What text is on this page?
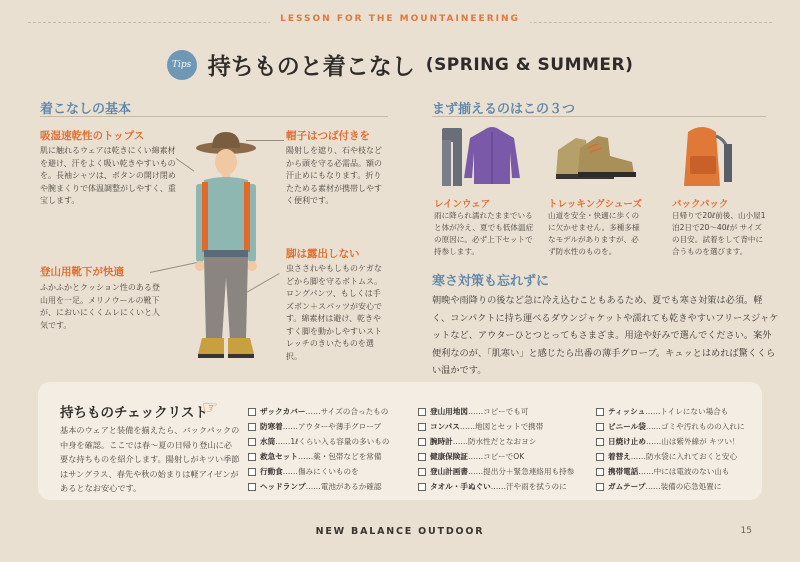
LESSON FOR THE MOUNTAINEERING
Tips 持ちものと着こなし (SPRING & SUMMER)
着こなしの基本
吸湿速乾性のトップス
肌に触れるウェアは乾きにくい綿素材を避け、汗をよく吸い乾きやすいものを。長袖シャツは、ボタンの開け閉めや腕まくりで体温調整がしやすく、重宝します。
登山用靴下が快適
ふかふかとクッション性のある登山用を一足。メリノウールの靴下が、においにくくムレにくいと人気です。
帽子はつば付きを
陽射しを遮り、石や枝などから頭を守る必需品。額の汗止めにもなります。折りたためる素材が携帯しやすく便利です。
脚は露出しない
虫さされやもしものケガなどから脚を守るボトムス。ロングパンツ、もしくは手ズボン＋スパッツが安心です。綿素材は避け、乾きやすく脚を動かしやすいストレッチのきいたものを選択。
まず揃えるのはこの３つ
レインウェア
雨に降られ濡れたままでいると体が冷え、夏でも低体温症の原因に。必ず上下セットで持参します。
トレッキングシューズ
山道を安全・快適に歩くのに欠かせません。多種多様なモデルがありますが、必ず防水性のものを。
バックパック
日帰りで20ℓ前後、山小屋1泊2日で20〜40ℓが サイズの目安。試着をして背中に合うものを選びます。
寒さ対策も忘れずに
朝晩や雨降りの後など急に冷え込むこともあるため、夏でも寒さ対策は必須。軽く、コンパクトに持ち運べるダウンジャケットや濡れても乾きやすいフリースジャケットなど、アウターひとつとってもさまざま。用途や好みで選んでください。案外便利なのが、「肌寒い」と感じたら出番の薄手グローブ。キュッとはめれば驚くくらい温かです。
持ちものチェックリスト
☞
基本のウェアと装備を揃えたら、バックパックの中身を確認。ここでは春〜夏の日帰り登山に必要な持ちものを紹介します。陽射しがキツい季節はサングラス、春先や秋の始まりは軽アイゼンがあるとなお安心です。
ザックカバー ……サイズの合ったもの
防寒着 ……アウターや薄手グローブ
水筒 ……1ℓくらい入る容量の多いもの
救急セット ……薬・包帯などを常備
行動食 ……傷みにくいものを
ヘッドランプ ……電池があるか確認
登山用地図 ……コピーでも可
コンパス ……地図とセットで携帯
腕時計 ……防水性だとなおヨシ
健康保険証 ……コピーでOK
登山計画書 ……提出分＋緊急連絡用も持参
タオル・手ぬぐい ……汗や雨を拭うのに
ティッシュ ……トイレにない場合も
ビニール袋 ……ゴミや汚れものの入れに
日焼け止め ……山は紫外線が キツい！
着替え ……防水袋に入れておくと安心
携帯電話 ……中には電波のない山も
ガムテープ ……装備の応急処置に
NEW BALANCE OUTDOOR	15
